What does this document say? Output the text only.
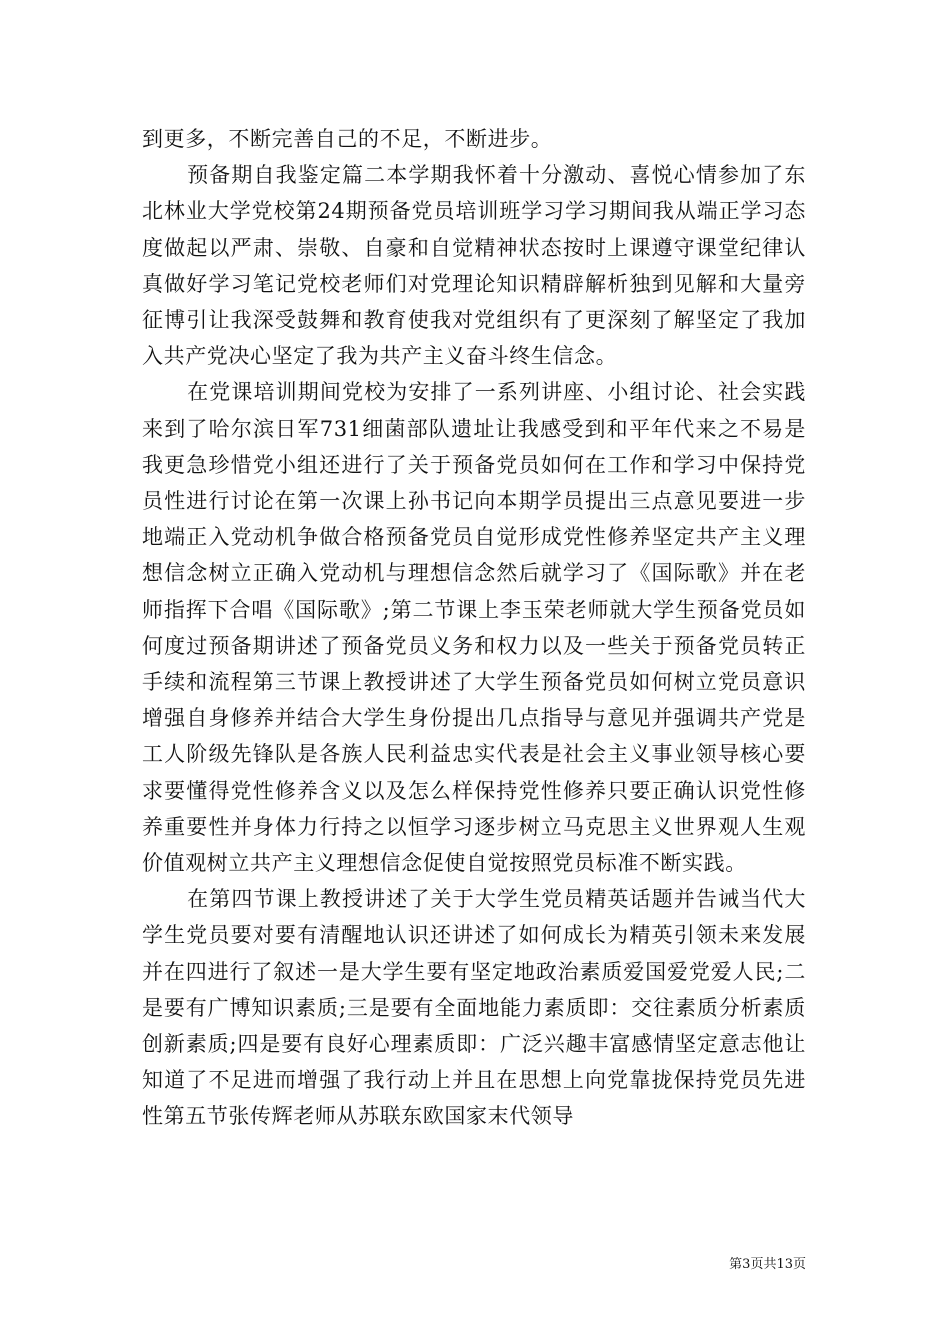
到更多，不断完善自己的不足，不断进步。

预备期自我鉴定篇二本学期我怀着十分激动、喜悦心情参加了东北林业大学党校第24期预备党员培训班学习学习期间我从端正学习态度做起以严肃、崇敬、自豪和自觉精神状态按时上课遵守课堂纪律认真做好学习笔记党校老师们对党理论知识精辟解析独到见解和大量旁征博引让我深受鼓舞和教育使我对党组织有了更深刻了解坚定了我加入共产党决心坚定了我为共产主义奋斗终生信念。

在党课培训期间党校为安排了一系列讲座、小组讨论、社会实践来到了哈尔滨日军731细菌部队遗址让我感受到和平年代来之不易是我更急珍惜党小组还进行了关于预备党员如何在工作和学习中保持党员性进行讨论在第一次课上孙书记向本期学员提出三点意见要进一步地端正入党动机争做合格预备党员自觉形成党性修养坚定共产主义理想信念树立正确入党动机与理想信念然后就学习了《国际歌》并在老师指挥下合唱《国际歌》;第二节课上李玉荣老师就大学生预备党员如何度过预备期讲述了预备党员义务和权力以及一些关于预备党员转正手续和流程第三节课上教授讲述了大学生预备党员如何树立党员意识增强自身修养并结合大学生身份提出几点指导与意见并强调共产党是工人阶级先锋队是各族人民利益忠实代表是社会主义事业领导核心要求要懂得党性修养含义以及怎么样保持党性修养只要正确认识党性修养重要性并身体力行持之以恒学习逐步树立马克思主义世界观人生观价值观树立共产主义理想信念促使自觉按照党员标准不断实践。

在第四节课上教授讲述了关于大学生党员精英话题并告诫当代大学生党员要对要有清醒地认识还讲述了如何成长为精英引领未来发展并在四进行了叙述一是大学生要有坚定地政治素质爱国爱党爱人民;二是要有广博知识素质;三是要有全面地能力素质即：交往素质分析素质创新素质;四是要有良好心理素质即：广泛兴趣丰富感情坚定意志他让知道了不足进而增强了我行动上并且在思想上向党靠拢保持党员先进性第五节张传辉老师从苏联东欧国家末代领导

第3页共13页
